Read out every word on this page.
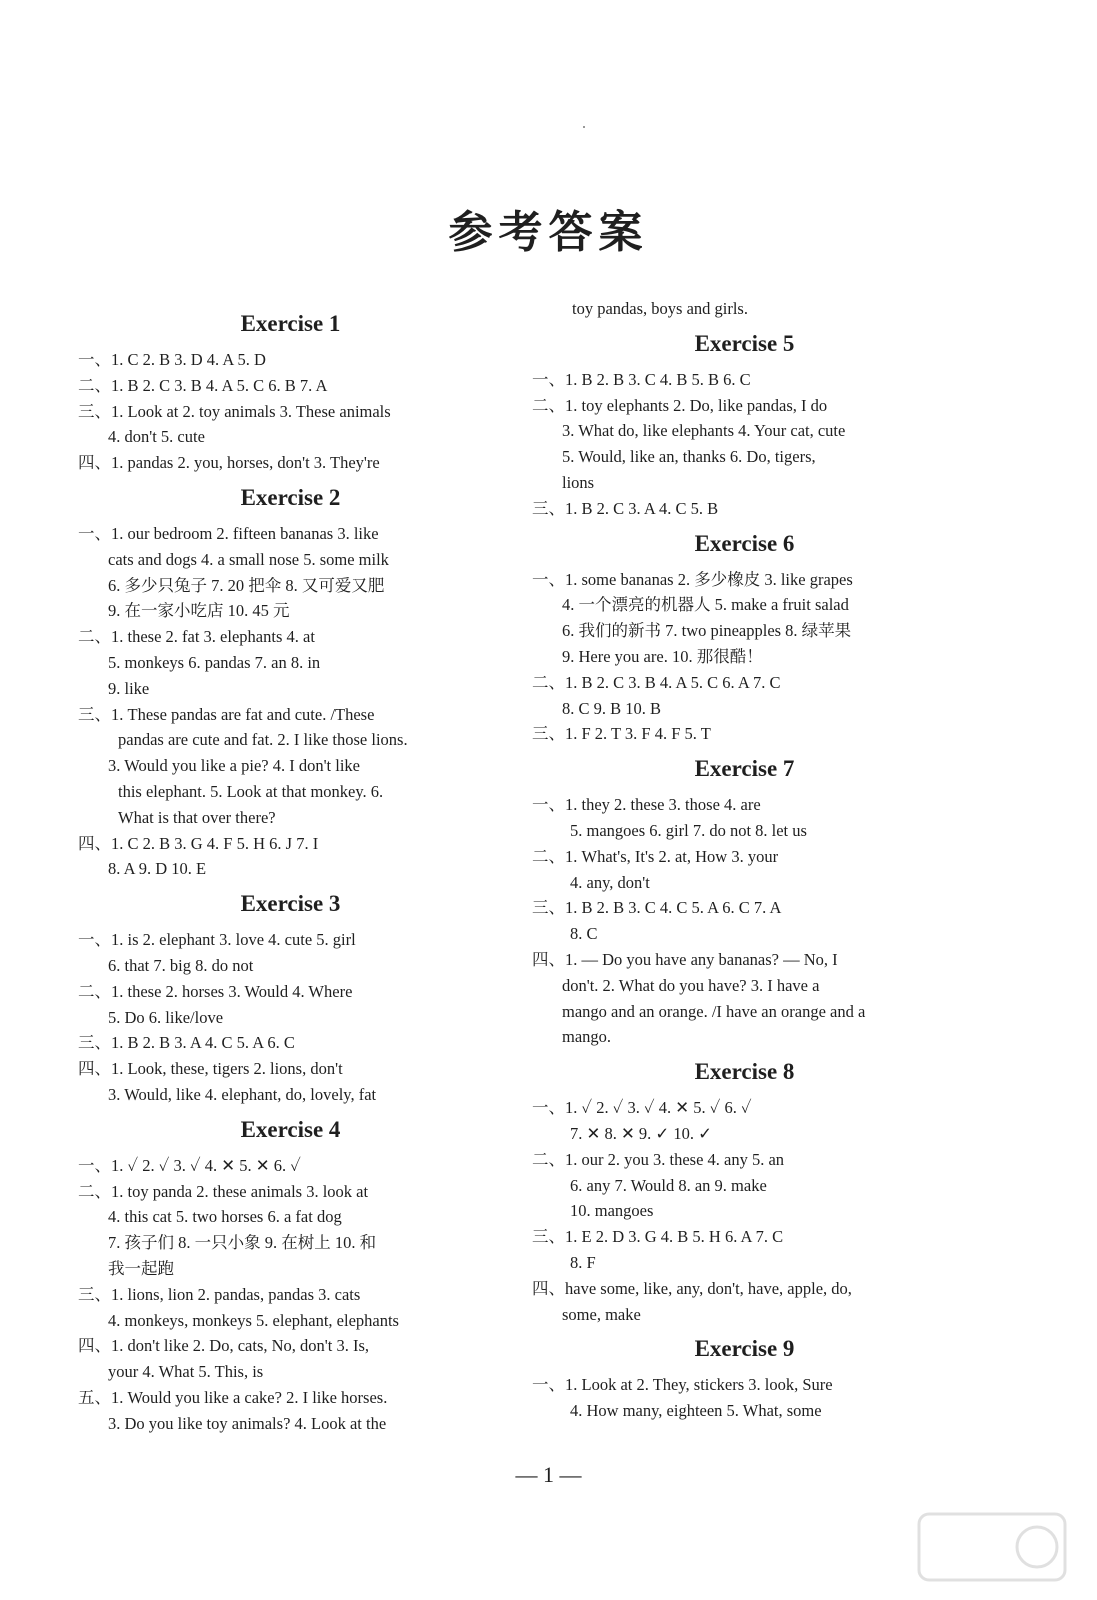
参考答案
Exercise 1
一、1. C 2. B 3. D 4. A 5. D
二、1. B 2. C 3. B 4. A 5. C 6. B 7. A
三、1. Look at 2. toy animals 3. These animals
4. don't 5. cute
四、1. pandas 2. you, horses, don't 3. They're
Exercise 2
一、1. our bedroom 2. fifteen bananas 3. like
cats and dogs 4. a small nose 5. some milk
6. 多少只兔子 7. 20 把伞 8. 又可爱又肥
9. 在一家小吃店 10. 45 元
二、1. these 2. fat 3. elephants 4. at
5. monkeys 6. pandas 7. an 8. in
9. like
三、1. These pandas are fat and cute. /These
pandas are cute and fat. 2. I like those lions.
3. Would you like a pie? 4. I don't like
this elephant. 5. Look at that monkey. 6.
What is that over there?
四、1. C 2. B 3. G 4. F 5. H 6. J 7. I
8. A 9. D 10. E
Exercise 3
一、1. is 2. elephant 3. love 4. cute 5. girl
6. that 7. big 8. do not
二、1. these 2. horses 3. Would 4. Where
5. Do 6. like/love
三、1. B 2. B 3. A 4. C 5. A 6. C
四、1. Look, these, tigers 2. lions, don't
3. Would, like 4. elephant, do, lovely, fat
Exercise 4
一、1. ✓ 2. ✓ 3. ✓ 4. ✕ 5. ✕ 6. ✓
二、1. toy panda 2. these animals 3. look at
4. this cat 5. two horses 6. a fat dog
7. 孩子们 8. 一只小象 9. 在树上 10. 和
我一起跑
三、1. lions, lion 2. pandas, pandas 3. cats
4. monkeys, monkeys 5. elephant, elephants
四、1. don't like 2. Do, cats, No, don't 3. Is,
your 4. What 5. This, is
五、1. Would you like a cake? 2. I like horses.
3. Do you like toy animals? 4. Look at the
toy pandas, boys and girls.
Exercise 5
一、1. B 2. B 3. C 4. B 5. B 6. C
二、1. toy elephants 2. Do, like pandas, I do
3. What do, like elephants 4. Your cat, cute
5. Would, like an, thanks 6. Do, tigers,
lions
三、1. B 2. C 3. A 4. C 5. B
Exercise 6
一、1. some bananas 2. 多少橡皮 3. like grapes
4. 一个漂亮的机器人 5. make a fruit salad
6. 我们的新书 7. two pineapples 8. 绿苹果
9. Here you are. 10. 那很酷！
二、1. B 2. C 3. B 4. A 5. C 6. A 7. C
8. C 9. B 10. B
三、1. F 2. T 3. F 4. F 5. T
Exercise 7
一、1. they 2. these 3. those 4. are
5. mangoes 6. girl 7. do not 8. let us
二、1. What's, It's 2. at, How 3. your
4. any, don't
三、1. B 2. B 3. C 4. C 5. A 6. C 7. A
8. C
四、1. — Do you have any bananas? — No, I
don't. 2. What do you have? 3. I have a
mango and an orange. /I have an orange and a
mango.
Exercise 8
一、1. ✓ 2. ✓ 3. ✓ 4. ✕ 5. ✓ 6. ✓
7. ✕ 8. ✕ 9. ✓ 10. ✓
二、1. our 2. you 3. these 4. any 5. an
6. any 7. Would 8. an 9. make
10. mangoes
三、1. E 2. D 3. G 4. B 5. H 6. A 7. C
8. F
四、have some, like, any, don't, have, apple, do,
some, make
Exercise 9
一、1. Look at 2. They, stickers 3. look, Sure
4. How many, eighteen 5. What, some
— 1 —
